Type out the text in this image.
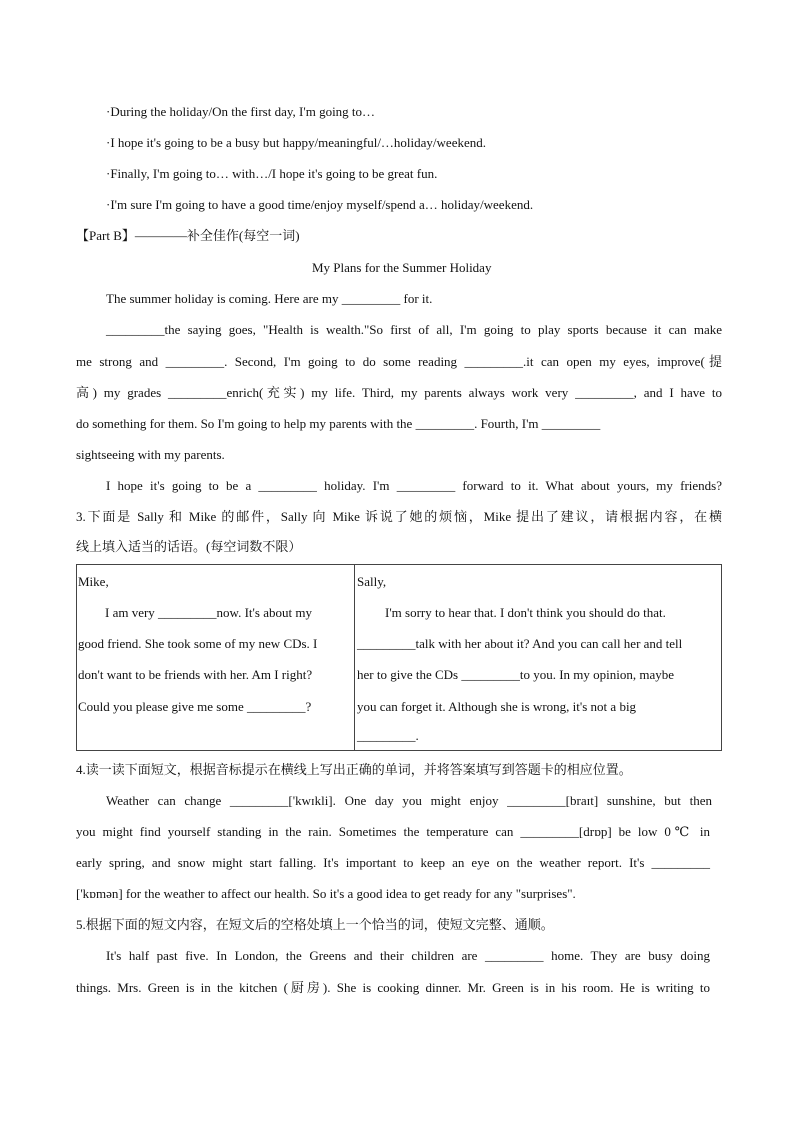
·During the holiday/On the first day, I'm going to…
·I hope it's going to be a busy but happy/meaningful/…holiday/weekend.
·Finally, I'm going to… with…/I hope it's going to be great fun.
·I'm sure I'm going to have a good time/enjoy myself/spend a… holiday/weekend.
【Part B】————补全佳作(每空一词)
My Plans for the Summer Holiday
The summer holiday is coming. Here are my _________ for it.
_________the saying goes, "Health is wealth."So first of all, I'm going to play sports because it can make
me strong and _________. Second, I'm going to do some reading _________.it can open my eyes, improve(提
高) my grades _________enrich(充实) my life. Third, my parents always work very _________, and I have to
do something for them. So I'm going to help my parents with the _________. Fourth, I'm _________
sightseeing with my parents.
I hope it's going to be a _________ holiday. I'm _________ forward to it. What about yours, my friends?
3.下面是 Sally 和 Mike 的邮件，Sally 向 Mike 诉说了她的烦恼，Mike 提出了建议，请根据内容，在横
线上填入适当的话语。(每空词数不限）
Mike,
I am very _________now. It's about my
good friend. She took some of my new CDs. I
don't want to be friends with her. Am I right?
Could you please give me some _________?
Sally,
I'm sorry to hear that. I don't think you should do that.
_________talk with her about it? And you can call her and tell
her to give the CDs _________to you. In my opinion, maybe
you can forget it. Although she is wrong, it's not a big
_________.
4.读一读下面短文，根据音标提示在横线上写出正确的单词，并将答案填写到答题卡的相应位置。
Weather can change _________['kwɪkli]. One day you might enjoy _________[braɪt] sunshine, but then
you might find yourself standing in the rain. Sometimes the temperature can _________[drɒp] be low 0℃ in
early spring, and snow might start falling. It's important to keep an eye on the weather report. It's _________
['kɒmən] for the weather to affect our health. So it's a good idea to get ready for any "surprises".
5.根据下面的短文内容，在短文后的空格处填上一个恰当的词，使短文完整、通顺。
It's half past five. In London, the Greens and their children are _________ home. They are busy doing
things. Mrs. Green is in the kitchen (厨房). She is cooking dinner. Mr. Green is in his room. He is writing to
